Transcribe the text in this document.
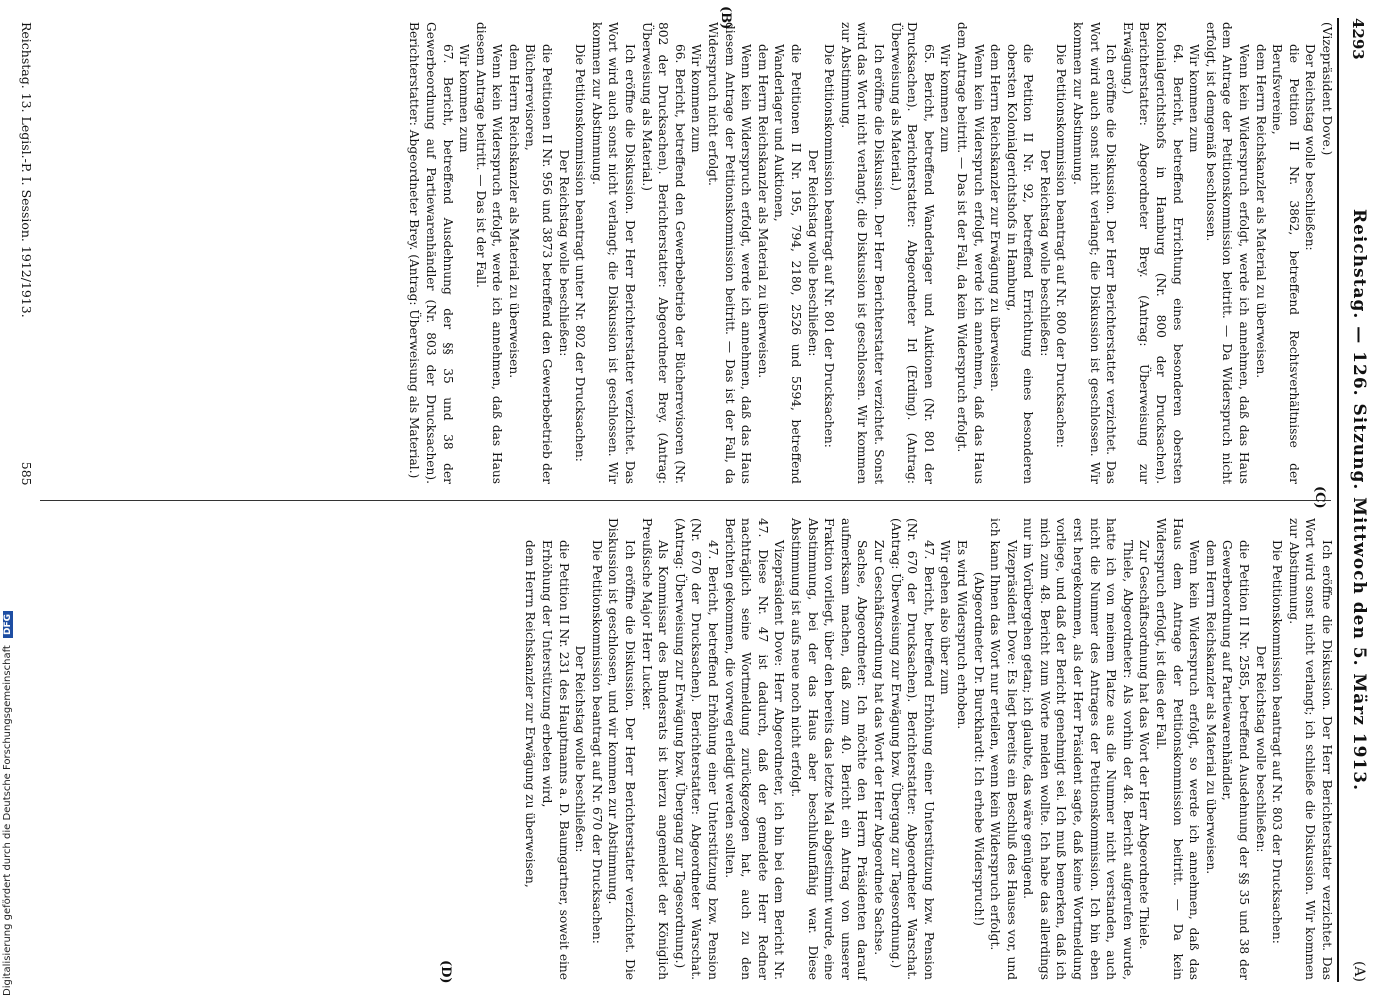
4293
Reichstag. — 126. Sitzung. Mittwoch den 5. März 1913.
(A)
(C)

(Vizepräsident Dove.)

Der Reichstag wolle beschließen:

die Petition II Nr. 3862, betreffend Rechtsverhältnisse der Berufsvereine,

dem Herrn Reichskanzler als Material zu überweisen.

Wenn kein Widerspruch erfolgt, werde ich annehmen, daß das Haus dem Antrage der Petitionskommission beitritt. — Da Widerspruch nicht erfolgt, ist demgemäß beschlossen.

Wir kommen zum

64. Bericht, betreffend Errichtung eines besonderen obersten Kolonialgerichtshofs in Hamburg (Nr. 800 der Drucksachen). Berichterstatter: Abgeordneter Brey. (Antrag: Überweisung zur Erwägung.)

Ich eröffne die Diskussion. Der Herr Berichterstatter verzichtet. Das Wort wird auch sonst nicht verlangt; die Diskussion ist geschlossen. Wir kommen zur Abstimmung.

Die Petitionskommission beantragt auf Nr. 800 der Drucksachen:

Der Reichstag wolle beschließen:

die Petition II Nr. 92, betreffend Errichtung eines besonderen obersten Kolonialgerichtshofs in Hamburg,

dem Herrn Reichskanzler zur Erwägung zu überweisen.

Wenn kein Widerspruch erfolgt, werde ich annehmen, daß das Haus dem Antrage beitritt. — Das ist der Fall, da kein Widerspruch erfolgt.

Wir kommen zum

65. Bericht, betreffend Wanderlager und Auktionen (Nr. 801 der Drucksachen). Berichterstatter: Abgeordneter Irl (Erding). (Antrag: Überweisung als Material.)

Ich eröffne die Diskussion. Der Herr Berichterstatter verzichtet. Sonst wird das Wort nicht verlangt; die Diskussion ist geschlossen. Wir kommen zur Abstimmung.

Die Petitionskommission beantragt auf Nr. 801 der Drucksachen:

Der Reichstag wolle beschließen:

die Petitionen II Nr. 195, 794, 2180, 2526 und 5594, betreffend Wanderlager und Auktionen,

dem Herrn Reichskanzler als Material zu überweisen.

Wenn kein Widerspruch erfolgt, werde ich annehmen, daß das Haus diesem Antrage der Petitionskommission beitritt. — Das ist der Fall, da Widerspruch nicht erfolgt.

Wir kommen zum

66. Bericht, betreffend den Gewerbebetrieb der Bücherrevisoren (Nr. 802 der Drucksachen). Berichterstatter: Abgeordneter Brey. (Antrag: Überweisung als Material.)

Ich eröffne die Diskussion. Der Herr Berichterstatter verzichtet. Das Wort wird auch sonst nicht verlangt; die Diskussion ist geschlossen. Wir kommen zur Abstimmung.

Die Petitionskommission beantragt unter Nr. 802 der Drucksachen:

Der Reichstag wolle beschließen:

die Petitionen II Nr. 956 und 3873 betreffend den Gewerbebetrieb der Bücherrevisoren,

dem Herrn Reichskanzler als Material zu überweisen.

Wenn kein Widerspruch erfolgt, werde ich annehmen, daß das Haus diesem Antrage beitritt. — Das ist der Fall.

Wir kommen zum

67. Bericht, betreffend Ausdehnung der §§ 35 und 38 der Gewerbeordnung auf Partiewarenhändler (Nr. 803 der Drucksachen). Berichterstatter: Abgeordneter Brey. (Antrag: Überweisung als Material.)

Ich eröffne die Diskussion. Der Herr Berichterstatter verzichtet. Das Wort wird sonst nicht verlangt; ich schließe die Diskussion. Wir kommen zur Abstimmung.

Die Petitionskommission beantragt auf Nr. 803 der Drucksachen:

Der Reichstag wolle beschließen:

die Petition II Nr. 2585, betreffend Ausdehnung der §§ 35 und 38 der Gewerbeordnung auf Partiewarenhändler,

dem Herrn Reichskanzler als Material zu überweisen.

Wenn kein Widerspruch erfolgt, so werde ich annehmen, daß das Haus dem Antrage der Petitionskommission beitritt. — Da kein Widerspruch erfolgt, ist dies der Fall.

Zur Geschäftsordnung hat das Wort der Herr Abgeordnete Thiele.

Thiele, Abgeordneter: Als vorhin der 48. Bericht aufgerufen wurde, hatte ich von meinem Platze aus die Nummer nicht verstanden, auch nicht die Nummer des Antrages der Petitionskommission. Ich bin eben erst hergekommen, als der Herr Präsident sagte, daß keine Wortmeldung vorliege, und daß der Bericht genehmigt sei. Ich muß bemerken, daß ich mich zum 48. Bericht zum Worte melden wollte. Ich habe das allerdings nur im Vorübergehen getan; ich glaubte, das wäre genügend.

Vizepräsident Dove: Es liegt bereits ein Beschluß des Hauses vor, und ich kann Ihnen das Wort nur erteilen, wenn kein Widerspruch erfolgt.

(Abgeordneter Dr. Burckhardt: Ich erhebe Widerspruch!)

Es wird Widerspruch erhoben.

Wir gehen also über zum

47. Bericht, betreffend Erhöhung einer Unterstützung bzw. Pension (Nr. 670 der Drucksachen). Berichterstatter: Abgeordneter Warschat. (Antrag: Überweisung zur Erwägung bzw. Übergang zur Tagesordnung.)

Zur Geschäftsordnung hat das Wort der Herr Abgeordnete Sachse.

Sachse, Abgeordneter: Ich möchte den Herrn Präsidenten darauf aufmerksam machen, daß zum 40. Bericht ein Antrag von unserer Fraktion vorliegt, über den bereits das letzte Mal abgestimmt wurde, eine Abstimmung, bei der das Haus aber beschlußunfähig war. Diese Abstimmung ist aufs neue noch nicht erfolgt.

Vizepräsident Dove: Herr Abgeordneter, ich bin bei dem Bericht Nr. 47. Diese Nr. 47 ist dadurch, daß der gemeldete Herr Redner nachträglich seine Wortmeldung zurückgezogen hat, auch zu den Berichten gekommen, die vorweg erledigt werden sollten.

47. Bericht, betreffend Erhöhung einer Unterstützung bzw. Pension (Nr. 670 der Drucksachen). Berichterstatter: Abgeordneter Warschat. (Antrag: Überweisung zur Erwägung bzw. Übergang zur Tagesordnung.)

Als Kommissar des Bundesrats ist hierzu angemeldet der Königlich Preußische Major Herr Lucker.

Ich eröffne die Diskussion. Der Herr Berichterstatter verzichtet. Die Diskussion ist geschlossen, und wir kommen zur Abstimmung.

Die Petitionskommission beantragt auf Nr. 670 der Drucksachen:

Der Reichstag wolle beschließen:

die Petition II Nr. 231 des Hauptmanns a. D. Baumgartner, soweit eine Erhöhung der Unterstützung erbeten wird,

dem Herrn Reichskanzler zur Erwägung zu überweisen,

(B)
(D)
Reichstag. 13. Legisl.-P. I. Session. 1912/1913.
585
Digitalisierung gefördert durch die Deutsche Forschungsgemeinschaft DFG
